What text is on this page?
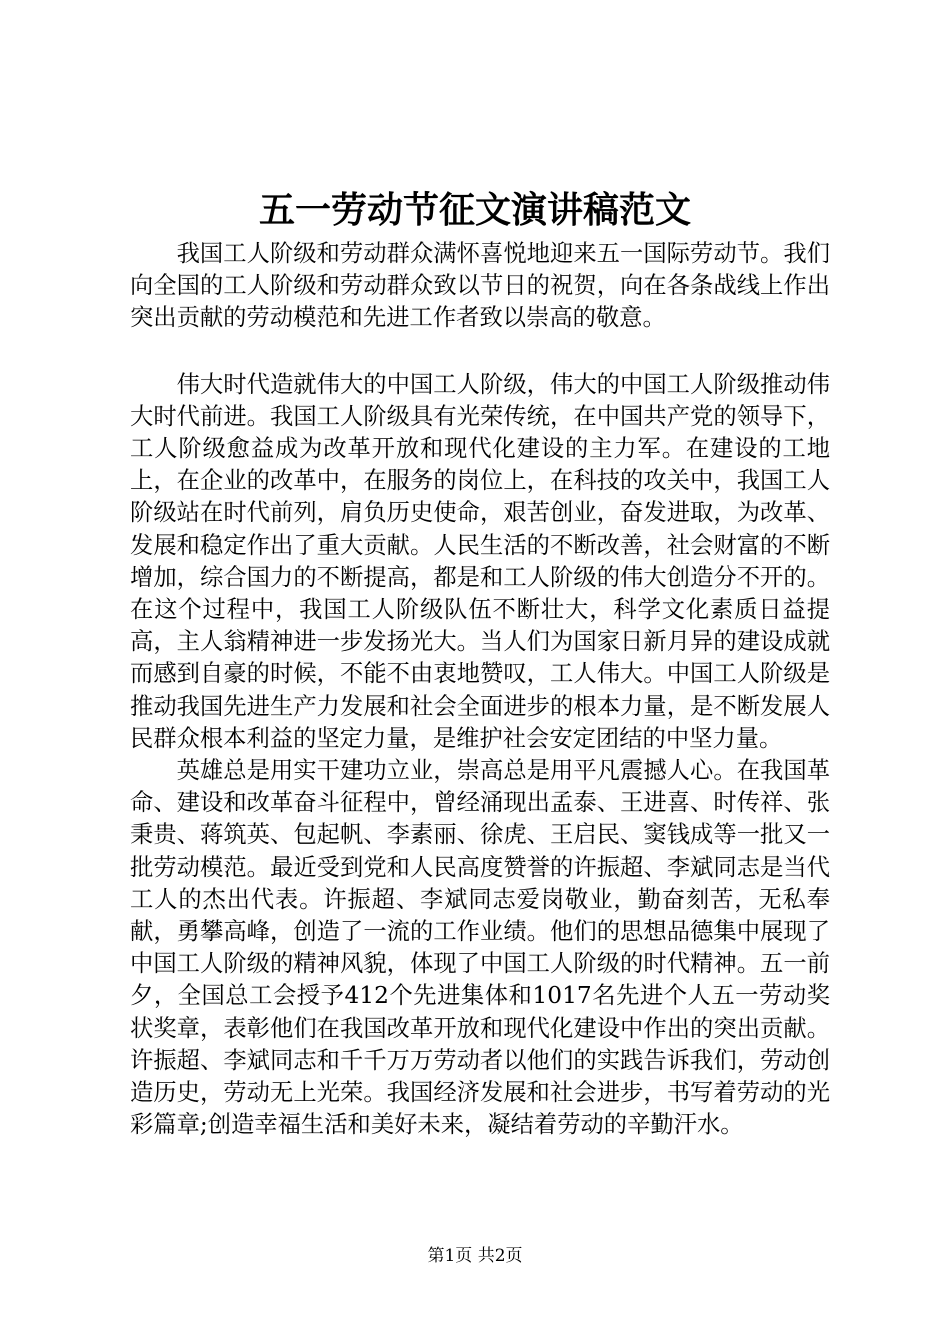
五一劳动节征文演讲稿范文

我国工人阶级和劳动群众满怀喜悦地迎来五一国际劳动节。我们向全国的工人阶级和劳动群众致以节日的祝贺，向在各条战线上作出突出贡献的劳动模范和先进工作者致以崇高的敬意。

伟大时代造就伟大的中国工人阶级，伟大的中国工人阶级推动伟大时代前进。我国工人阶级具有光荣传统，在中国共产党的领导下，工人阶级愈益成为改革开放和现代化建设的主力军。在建设的工地上，在企业的改革中，在服务的岗位上，在科技的攻关中，我国工人阶级站在时代前列，肩负历史使命，艰苦创业，奋发进取，为改革、发展和稳定作出了重大贡献。人民生活的不断改善，社会财富的不断增加，综合国力的不断提高，都是和工人阶级的伟大创造分不开的。在这个过程中，我国工人阶级队伍不断壮大，科学文化素质日益提高，主人翁精神进一步发扬光大。当人们为国家日新月异的建设成就而感到自豪的时候，不能不由衷地赞叹，工人伟大。中国工人阶级是推动我国先进生产力发展和社会全面进步的根本力量，是不断发展人民群众根本利益的坚定力量，是维护社会安定团结的中坚力量。

英雄总是用实干建功立业，崇高总是用平凡震撼人心。在我国革命、建设和改革奋斗征程中，曾经涌现出孟泰、王进喜、时传祥、张秉贵、蒋筑英、包起帆、李素丽、徐虎、王启民、窦钱成等一批又一批劳动模范。最近受到党和人民高度赞誉的许振超、李斌同志是当代工人的杰出代表。许振超、李斌同志爱岗敬业，勤奋刻苦，无私奉献，勇攀高峰，创造了一流的工作业绩。他们的思想品德集中展现了中国工人阶级的精神风貌，体现了中国工人阶级的时代精神。五一前夕，全国总工会授予412个先进集体和1017名先进个人五一劳动奖状奖章，表彰他们在我国改革开放和现代化建设中作出的突出贡献。许振超、李斌同志和千千万万劳动者以他们的实践告诉我们，劳动创造历史，劳动无上光荣。我国经济发展和社会进步，书写着劳动的光彩篇章;创造幸福生活和美好未来，凝结着劳动的辛勤汗水。

第1页 共2页
